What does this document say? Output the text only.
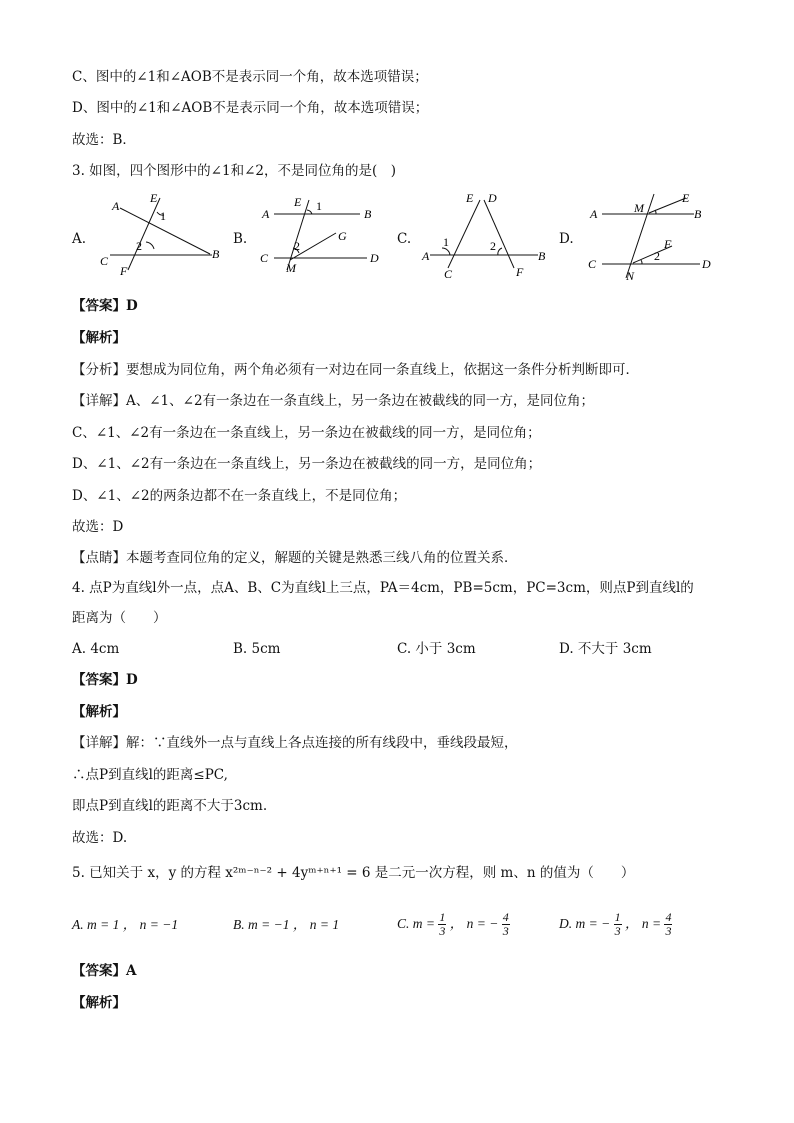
C、图中的∠1和∠AOB不是表示同一个角，故本选项错误；
D、图中的∠1和∠AOB不是表示同一个角，故本选项错误；
故选：B．
3. 如图，四个图形中的∠1和∠2，不是同位角的是(　)
A.	B.	C.	D.
A
E
1
2
C
F
B
A
E 1
B
2
G
C
M
D
E D
1	2
A
C
B
F
A	M
E
B
F
2
C
N
D
【答案】D
【解析】
【分析】要想成为同位角，两个角必须有一对边在同一条直线上，依据这一条件分析判断即可．
【详解】A、∠1、∠2有一条边在一条直线上，另一条边在被截线的同一方，是同位角；
C、∠1、∠2有一条边在一条直线上，另一条边在被截线的同一方，是同位角；
D、∠1、∠2有一条边在一条直线上，另一条边在被截线的同一方，是同位角；
D、∠1、∠2的两条边都不在一条直线上，不是同位角；
故选：D
【点睛】本题考查同位角的定义，解题的关键是熟悉三线八角的位置关系．
4. 点P为直线l外一点，点A、B、C为直线l上三点，PA＝4cm，PB=5cm，PC=3cm，则点P到直线l的
距离为（　　）
A. 4cm	B. 5cm	C. 小于 3cm	D. 不大于 3cm
【答案】D
【解析】
【详解】解：∵直线外一点与直线上各点连接的所有线段中，垂线段最短，
∴点P到直线l的距离≤PC,
即点P到直线l的距离不大于3cm.
故选：D.
5. 已知关于 x，y 的方程 x²ᵐ⁻ⁿ⁻² + 4yᵐ⁺ⁿ⁺¹ = 6 是二元一次方程，则 m、n 的值为（　　）
A. m = 1 ， n = −1	B. m = −1 ， n = 1	C. $m = \frac{1}{3}$ ， n = − $\frac{4}{3}$	D. m = − $\frac{1}{3}$ ， $n = \frac{4}{3}$
【答案】A
【解析】
